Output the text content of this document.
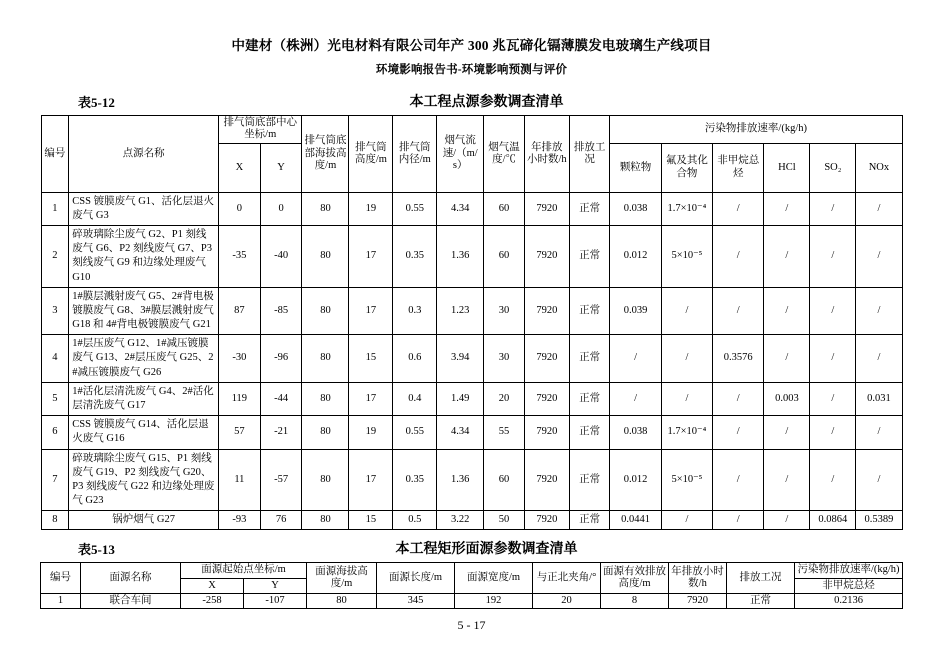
中建材（株洲）光电材料有限公司年产 300 兆瓦碲化镉薄膜发电玻璃生产线项目
环境影响报告书-环境影响预测与评价
表5-12	本工程点源参数调查清单
编号	点源名称	排气筒底部中心坐标/m		排气筒底部海拔高度/m	排气筒高度/m	排气筒内径/m	烟气流速/（m/s）	烟气温度/℃	年排放小时数/h	排放工况	污染物排放速率/(kg/h)					
		X	Y								颗粒物	氟及其化合物	非甲烷总烃	HCl	SO₂	NOx

1	CSS 镀膜废气 G1、活化层退火废气 G3	0	0	80	19	0.55	4.34	60	7920	正常	0.038	1.7×10⁻⁴	/	/	/	/
2	碎玻璃除尘废气 G2、P1 刻线废气 G6、P2 刻线废气 G7、P3 刻线废气 G9 和边缘处理废气 G10	-35	-40	80	17	0.35	1.36	60	7920	正常	0.012	5×10⁻⁵	/	/	/	/
3	1#膜层溅射废气 G5、2#背电极镀膜废气 G8、3#膜层溅射废气 G18 和 4#背电极镀膜废气 G21	87	-85	80	17	0.3	1.23	30	7920	正常	0.039	/	/	/	/	/
4	1#层压废气 G12、1#减压镀膜废气 G13、2#层压废气 G25、2#减压镀膜废气 G26	-30	-96	80	15	0.6	3.94	30	7920	正常	/	/	0.3576	/	/	/
5	1#活化层清洗废气 G4、2#活化层清洗废气 G17	119	-44	80	17	0.4	1.49	20	7920	正常	/	/	/	0.003	/	0.031
6	CSS 镀膜废气 G14、活化层退火废气 G16	57	-21	80	19	0.55	4.34	55	7920	正常	0.038	1.7×10⁻⁴	/	/	/	/
7	碎玻璃除尘废气 G15、P1 刻线废气 G19、P2 刻线废气 G20、P3 刻线废气 G22 和边缘处理废气 G23	11	-57	80	17	0.35	1.36	60	7920	正常	0.012	5×10⁻⁵	/	/	/	/
8	锅炉烟气 G27	-93	76	80	15	0.5	3.22	50	7920	正常	0.0441	/	/	/	0.0864	0.5389
表5-13	本工程矩形面源参数调查清单
编号	面源名称	面源起始点坐标/m		面源海拔高度/m	面源长度/m	面源宽度/m	与正北夹角/°	面源有效排放高度/m	年排放小时数/h	排放工况	污染物排放速率/(kg/h)
		X	Y								非甲烷总烃
1	联合车间	-258	-107	80	345	192	20	8	7920	正常	0.2136
5 - 17
